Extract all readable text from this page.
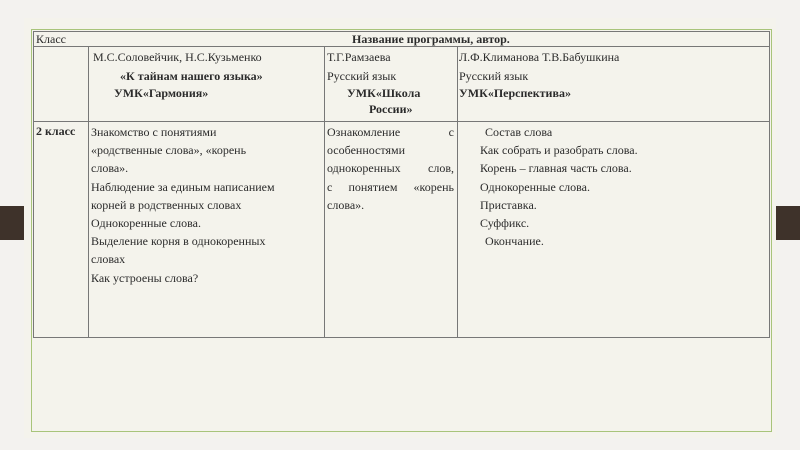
Класс	Название программы, автор.
М.С.Соловейчик, Н.С.Кузьменко
«К тайнам нашего языка»
УМК«Гармония»
Т.Г.Рамзаева
Русский язык
УМК«Школа
России»
Л.Ф.Климанова Т.В.Бабушкина
Русский язык
УМК«Перспектива»
2 класс Знакомство с понятиями
«родственные слова», «корень
слова».
Наблюдение за единым написанием
корней в родственных словах
Однокоренные слова.
Выделение корня в однокоренных
словах
Как устроены слова?
Ознакомление с
особенностями
однокоренных слов,
с понятием «корень
слова».
Состав слова
Как собрать и разобрать слова.
Корень – главная часть слова.
Однокоренные слова.
Приставка.
Суффикс.
Окончание.
